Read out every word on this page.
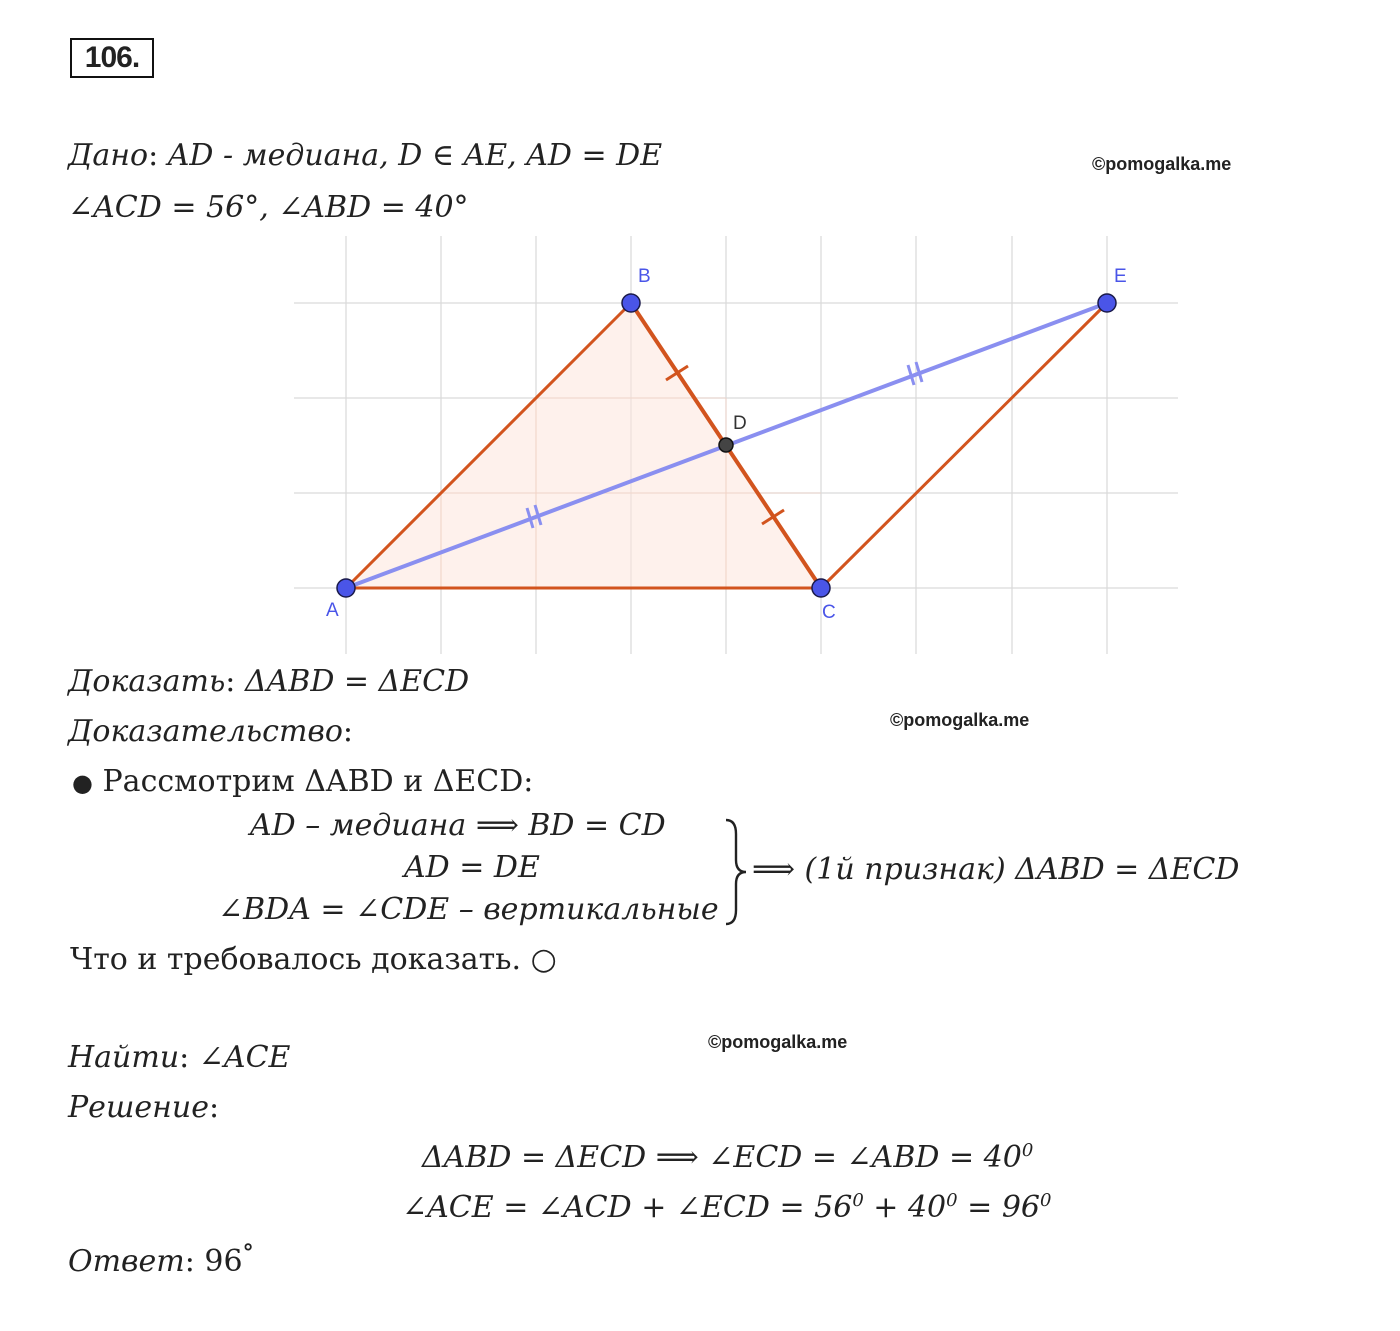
106.
Дано: AD - медиана, D ∈ AE, AD = DE
∠ACD = 56°, ∠ABD = 40°
©pomogalka.me
A
B
C
D
E
Доказать: ΔABD = ΔECD
Доказательство:	©pomogalka.me
● Рассмотрим ΔABD и ΔECD:
AD – медиана ⟹ BD = CD
AD = DE
∠BDA = ∠CDE – вертикальные
⟹ (1й признак) ΔABD = ΔECD
Что и требовалось доказать. ○
Найти: ∠ACE	©pomogalka.me
Решение:
ΔABD = ΔECD ⟹ ∠ECD = ∠ABD = $40^0$
∠ACE = ∠ACD + ∠ECD = $56^0 + 40^0 = 96^0$
Ответ: 96°
